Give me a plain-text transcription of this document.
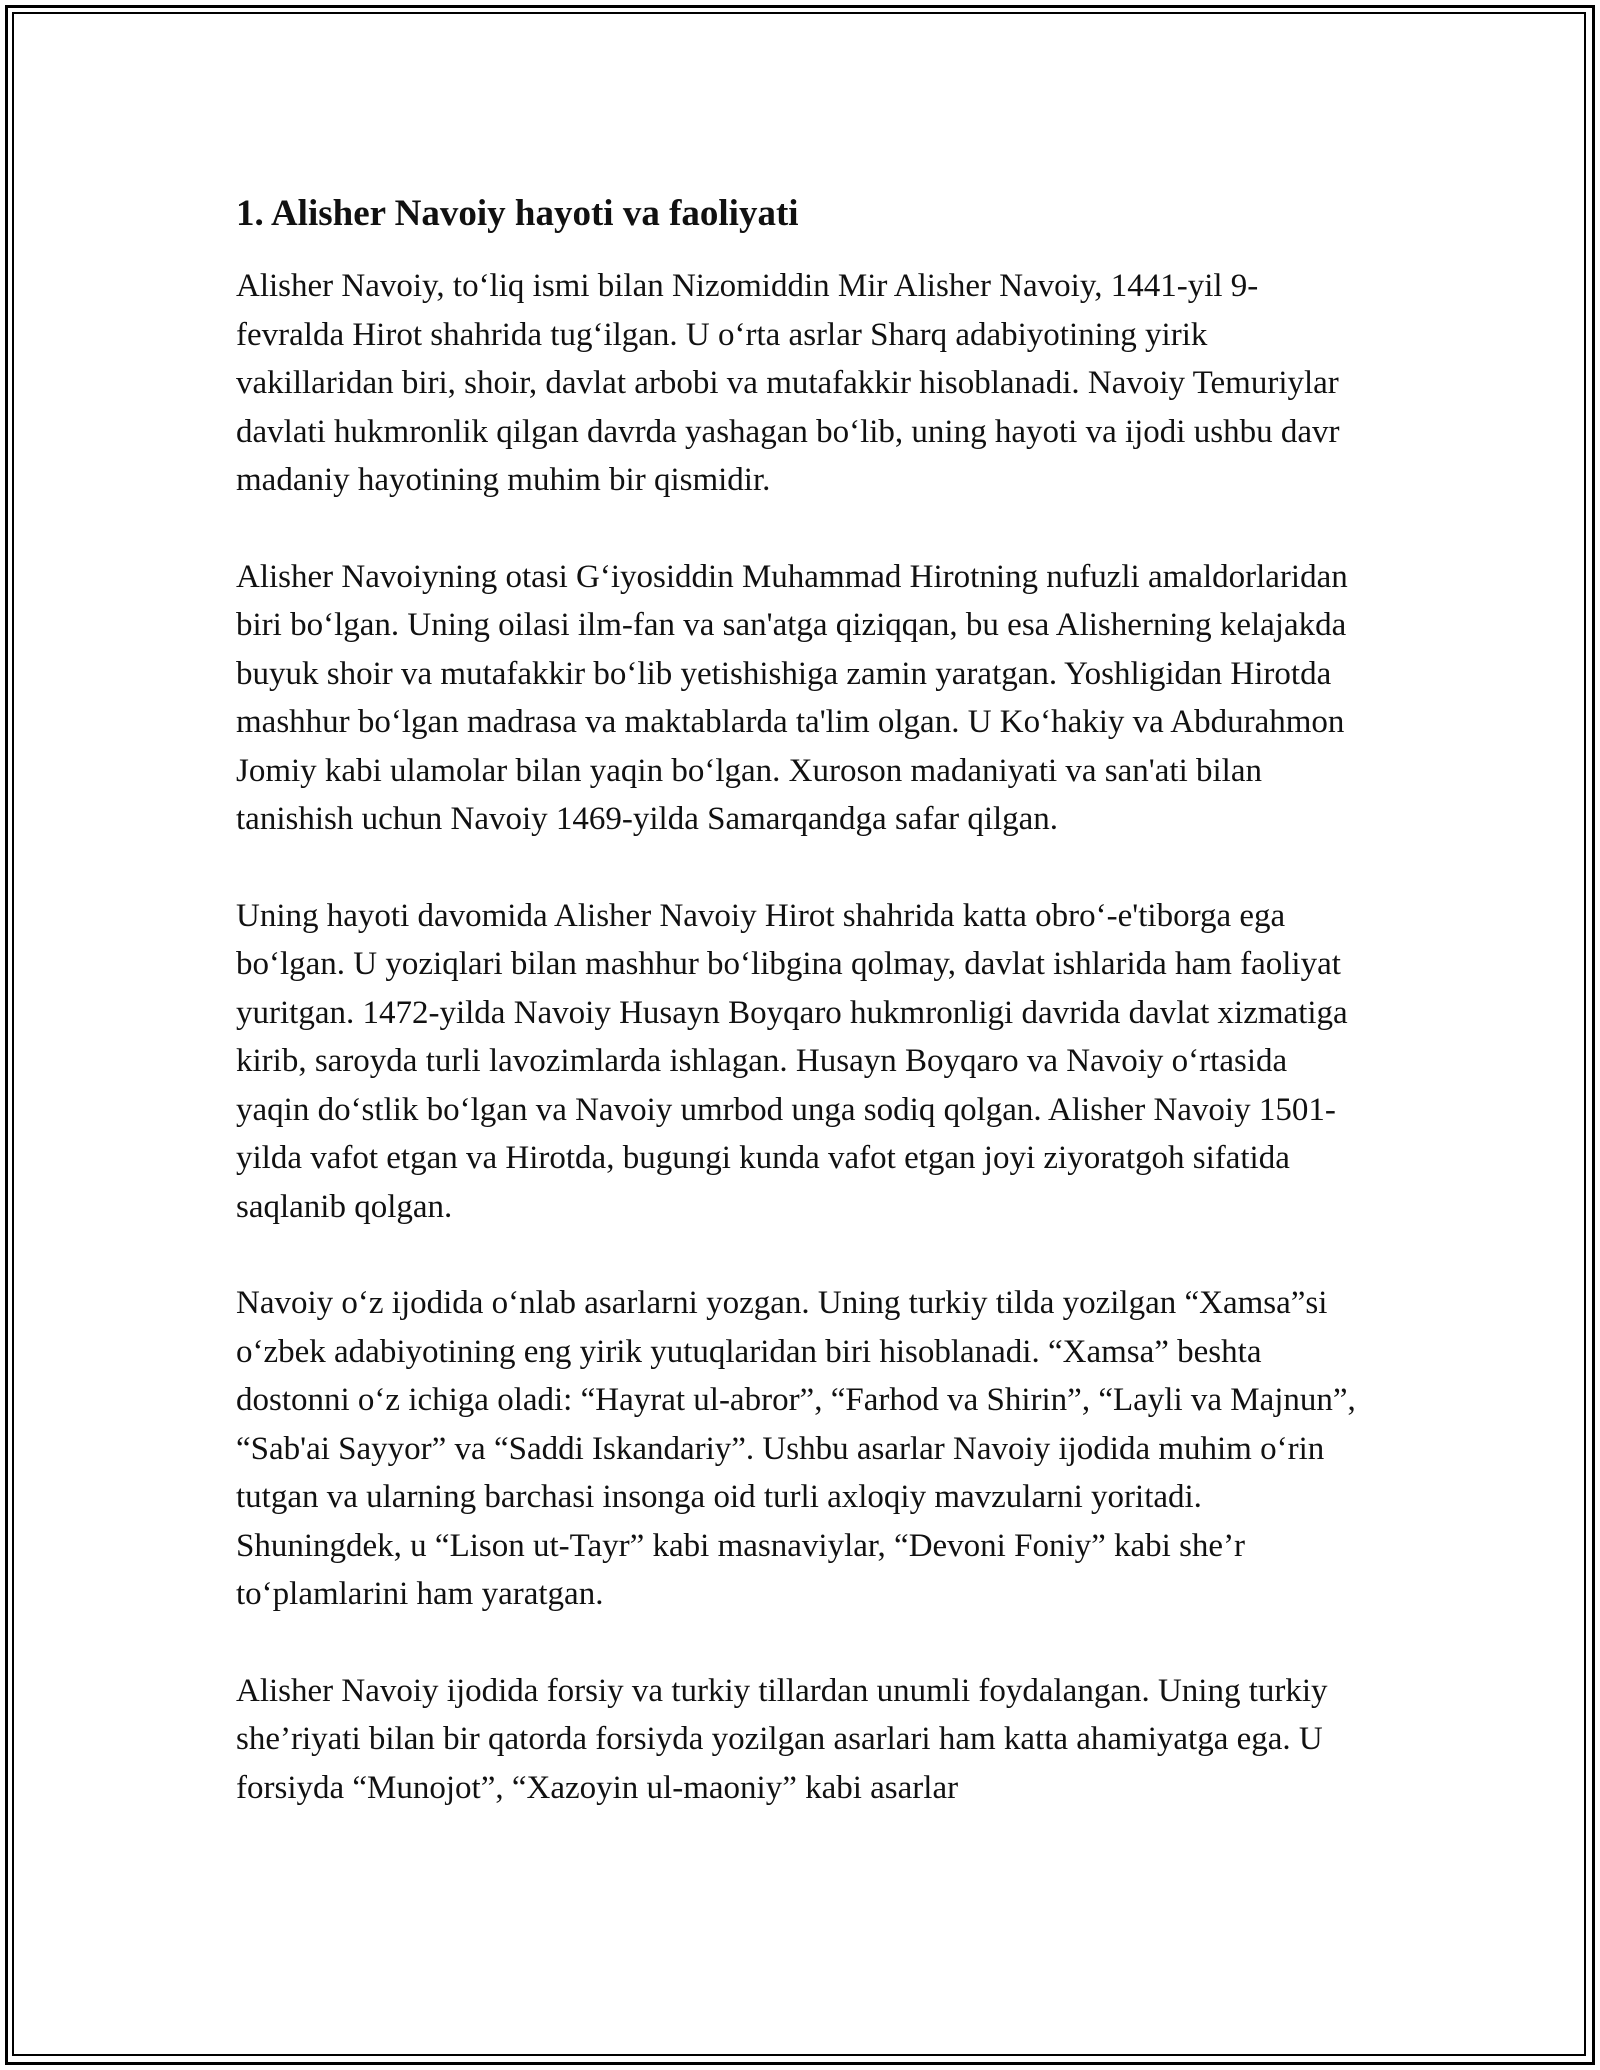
1. Alisher Navoiy hayoti va faoliyati

Alisher Navoiy, to‘liq ismi bilan Nizomiddin Mir Alisher Navoiy, 1441-yil 9-fevralda Hirot shahrida tug‘ilgan. U o‘rta asrlar Sharq adabiyotining yirik vakillaridan biri, shoir, davlat arbobi va mutafakkir hisoblanadi. Navoiy Temuriylar davlati hukmronlik qilgan davrda yashagan bo‘lib, uning hayoti va ijodi ushbu davr madaniy hayotining muhim bir qismidir.

Alisher Navoiyning otasi G‘iyosiddin Muhammad Hirotning nufuzli amaldorlaridan biri bo‘lgan. Uning oilasi ilm-fan va san'atga qiziqqan, bu esa Alisherning kelajakda buyuk shoir va mutafakkir bo‘lib yetishishiga zamin yaratgan. Yoshligidan Hirotda mashhur bo‘lgan madrasa va maktablarda ta'lim olgan. U Ko‘hakiy va Abdurahmon Jomiy kabi ulamolar bilan yaqin bo‘lgan. Xuroson madaniyati va san'ati bilan tanishish uchun Navoiy 1469-yilda Samarqandga safar qilgan.

Uning hayoti davomida Alisher Navoiy Hirot shahrida katta obro‘-e'tiborga ega bo‘lgan. U yoziqlari bilan mashhur bo‘libgina qolmay, davlat ishlarida ham faoliyat yuritgan. 1472-yilda Navoiy Husayn Boyqaro hukmronligi davrida davlat xizmatiga kirib, saroyda turli lavozimlarda ishlagan. Husayn Boyqaro va Navoiy o‘rtasida yaqin do‘stlik bo‘lgan va Navoiy umrbod unga sodiq qolgan. Alisher Navoiy 1501-yilda vafot etgan va Hirotda, bugungi kunda vafot etgan joyi ziyoratgoh sifatida saqlanib qolgan.

Navoiy o‘z ijodida o‘nlab asarlarni yozgan. Uning turkiy tilda yozilgan “Xamsa”si o‘zbek adabiyotining eng yirik yutuqlaridan biri hisoblanadi. “Xamsa” beshta dostonni o‘z ichiga oladi: “Hayrat ul-abror”, “Farhod va Shirin”, “Layli va Majnun”, “Sab'ai Sayyor” va “Saddi Iskandariy”. Ushbu asarlar Navoiy ijodida muhim o‘rin tutgan va ularning barchasi insonga oid turli axloqiy mavzularni yoritadi. Shuningdek, u “Lison ut-Tayr” kabi masnaviylar, “Devoni Foniy” kabi she’r to‘plamlarini ham yaratgan.

Alisher Navoiy ijodida forsiy va turkiy tillardan unumli foydalangan. Uning turkiy she’riyati bilan bir qatorda forsiyda yozilgan asarlari ham katta ahamiyatga ega. U forsiyda “Munojot”, “Xazoyin ul-maoniy” kabi asarlar
